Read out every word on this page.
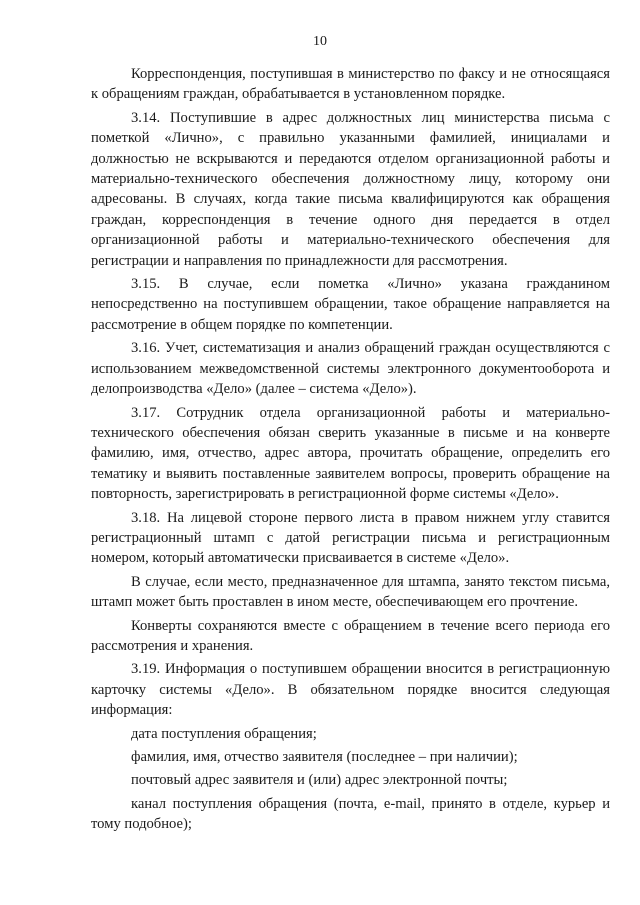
10

Корреспонденция, поступившая в министерство по факсу и не относящаяся к обращениям граждан, обрабатывается в установленном порядке.

3.14. Поступившие в адрес должностных лиц министерства письма с пометкой «Лично», с правильно указанными фамилией, инициалами и должностью не вскрываются и передаются отделом организационной работы и материально-технического обеспечения должностному лицу, которому они адресованы. В случаях, когда такие письма квалифицируются как обращения граждан, корреспонденция в течение одного дня передается в отдел организационной работы и материально-технического обеспечения для регистрации и направления по принадлежности для рассмотрения.

3.15. В случае, если пометка «Лично» указана гражданином непосредственно на поступившем обращении, такое обращение направляется на рассмотрение в общем порядке по компетенции.

3.16. Учет, систематизация и анализ обращений граждан осуществляются с использованием межведомственной системы электронного документооборота и делопроизводства «Дело» (далее – система «Дело»).

3.17. Сотрудник отдела организационной работы и материально-технического обеспечения обязан сверить указанные в письме и на конверте фамилию, имя, отчество, адрес автора, прочитать обращение, определить его тематику и выявить поставленные заявителем вопросы, проверить обращение на повторность, зарегистрировать в регистрационной форме системы «Дело».

3.18. На лицевой стороне первого листа в правом нижнем углу ставится регистрационный штамп с датой регистрации письма и регистрационным номером, который автоматически присваивается в системе «Дело».

В случае, если место, предназначенное для штампа, занято текстом письма, штамп может быть проставлен в ином месте, обеспечивающем его прочтение.

Конверты сохраняются вместе с обращением в течение всего периода его рассмотрения и хранения.

3.19. Информация о поступившем обращении вносится в регистрационную карточку системы «Дело». В обязательном порядке вносится следующая информация:

дата поступления обращения;

фамилия, имя, отчество заявителя (последнее – при наличии);

почтовый адрес заявителя и (или) адрес электронной почты;

канал поступления обращения (почта, e-mail, принято в отделе, курьер и тому подобное);
